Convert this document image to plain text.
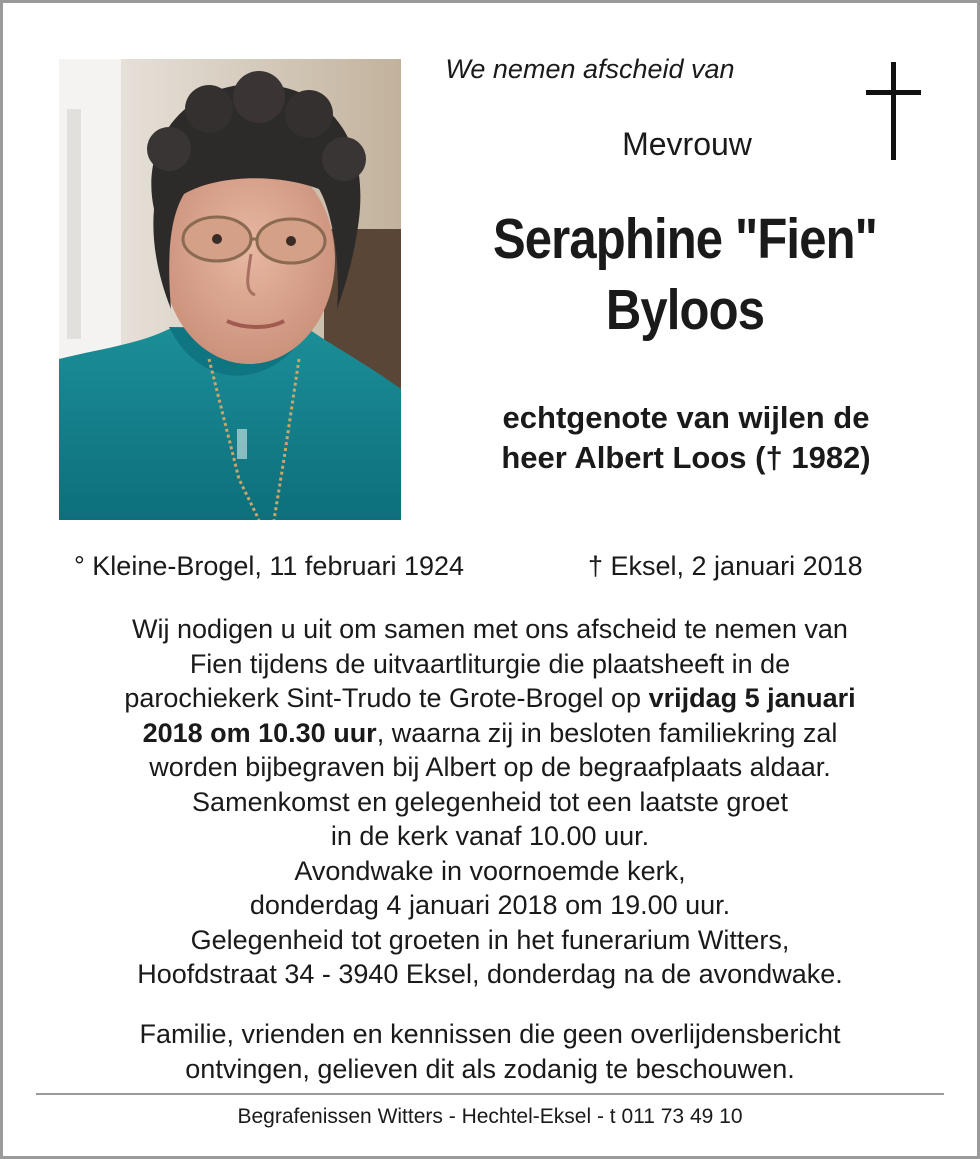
We nemen afscheid van
Mevrouw
Seraphine "Fien"
Byloos
echtgenote van wijlen de
heer Albert Loos († 1982)
° Kleine-Brogel, 11 februari 1924	† Eksel, 2 januari 2018

Wij nodigen u uit om samen met ons afscheid te nemen van

Fien tijdens de uitvaartliturgie die plaatsheeft in de

parochiekerk Sint-Trudo te Grote-Brogel op vrijdag 5 januari

2018 om 10.30 uur, waarna zij in besloten familiekring zal

worden bijbegraven bij Albert op de begraafplaats aldaar.

Samenkomst en gelegenheid tot een laatste groet

in de kerk vanaf 10.00 uur.

Avondwake in voornoemde kerk,

donderdag 4 januari 2018 om 19.00 uur.

Gelegenheid tot groeten in het funerarium Witters,

Hoofdstraat 34 - 3940 Eksel, donderdag na de avondwake.

Familie, vrienden en kennissen die geen overlijdensbericht

ontvingen, gelieven dit als zodanig te beschouwen.

Begrafenissen Witters - Hechtel-Eksel - t 011 73 49 10
